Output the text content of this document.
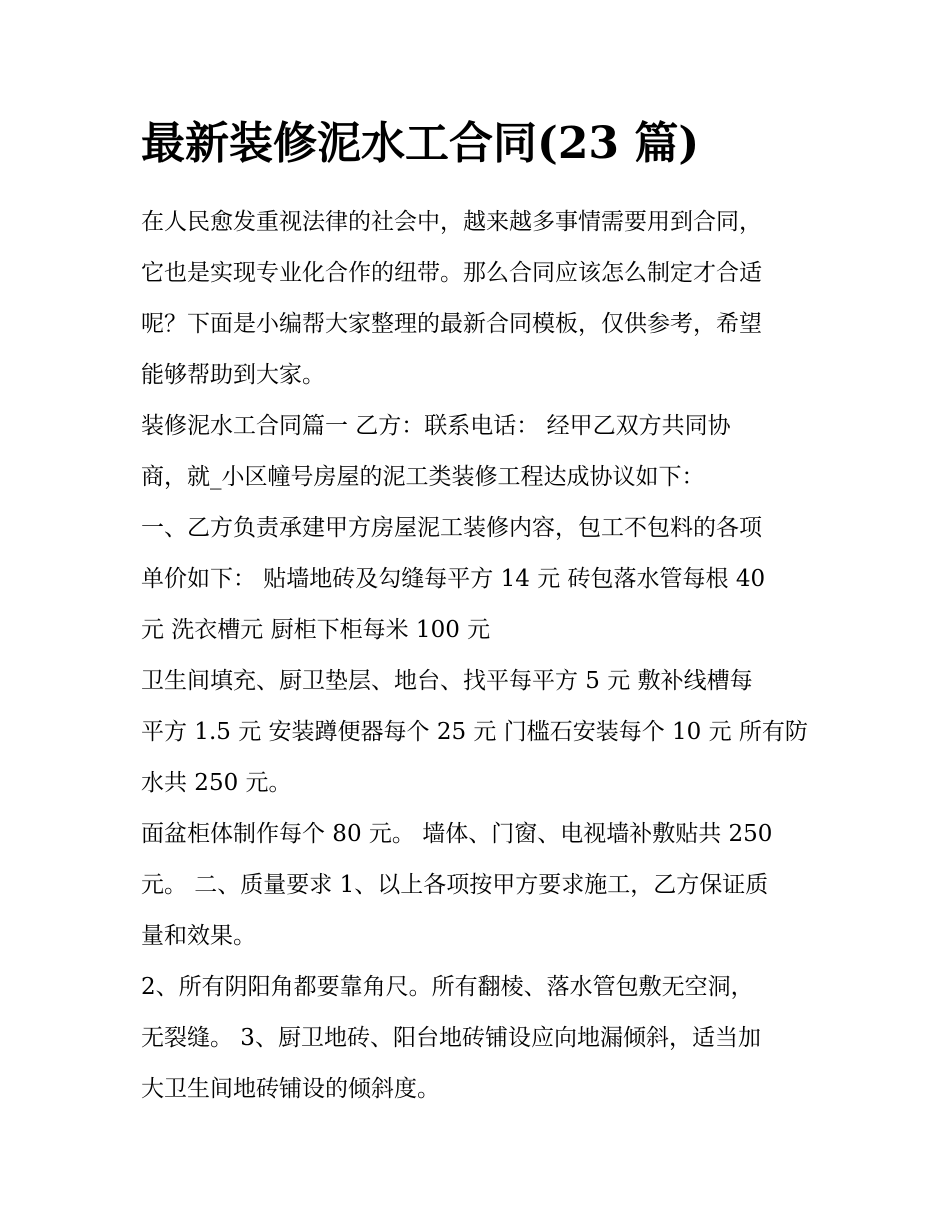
最新装修泥水工合同(23 篇)

在人民愈发重视法律的社会中，越来越多事情需要用到合同，

它也是实现专业化合作的纽带。那么合同应该怎么制定才合适

呢？下面是小编帮大家整理的最新合同模板，仅供参考，希望

能够帮助到大家。

装修泥水工合同篇一 乙方：联系电话： 经甲乙双方共同协

商，就_小区幢号房屋的泥工类装修工程达成协议如下：

一、乙方负责承建甲方房屋泥工装修内容，包工不包料的各项

单价如下： 贴墙地砖及勾缝每平方 14 元 砖包落水管每根 40

元 洗衣槽元 厨柜下柜每米 100 元

卫生间填充、厨卫垫层、地台、找平每平方 5 元 敷补线槽每

平方 1.5 元 安装蹲便器每个 25 元 门槛石安装每个 10 元 所有防

水共 250 元。

面盆柜体制作每个 80 元。 墙体、门窗、电视墙补敷贴共 250

元。 二、质量要求 1、以上各项按甲方要求施工，乙方保证质

量和效果。

2、所有阴阳角都要靠角尺。所有翻棱、落水管包敷无空洞，

无裂缝。 3、厨卫地砖、阳台地砖铺设应向地漏倾斜，适当加

大卫生间地砖铺设的倾斜度。
